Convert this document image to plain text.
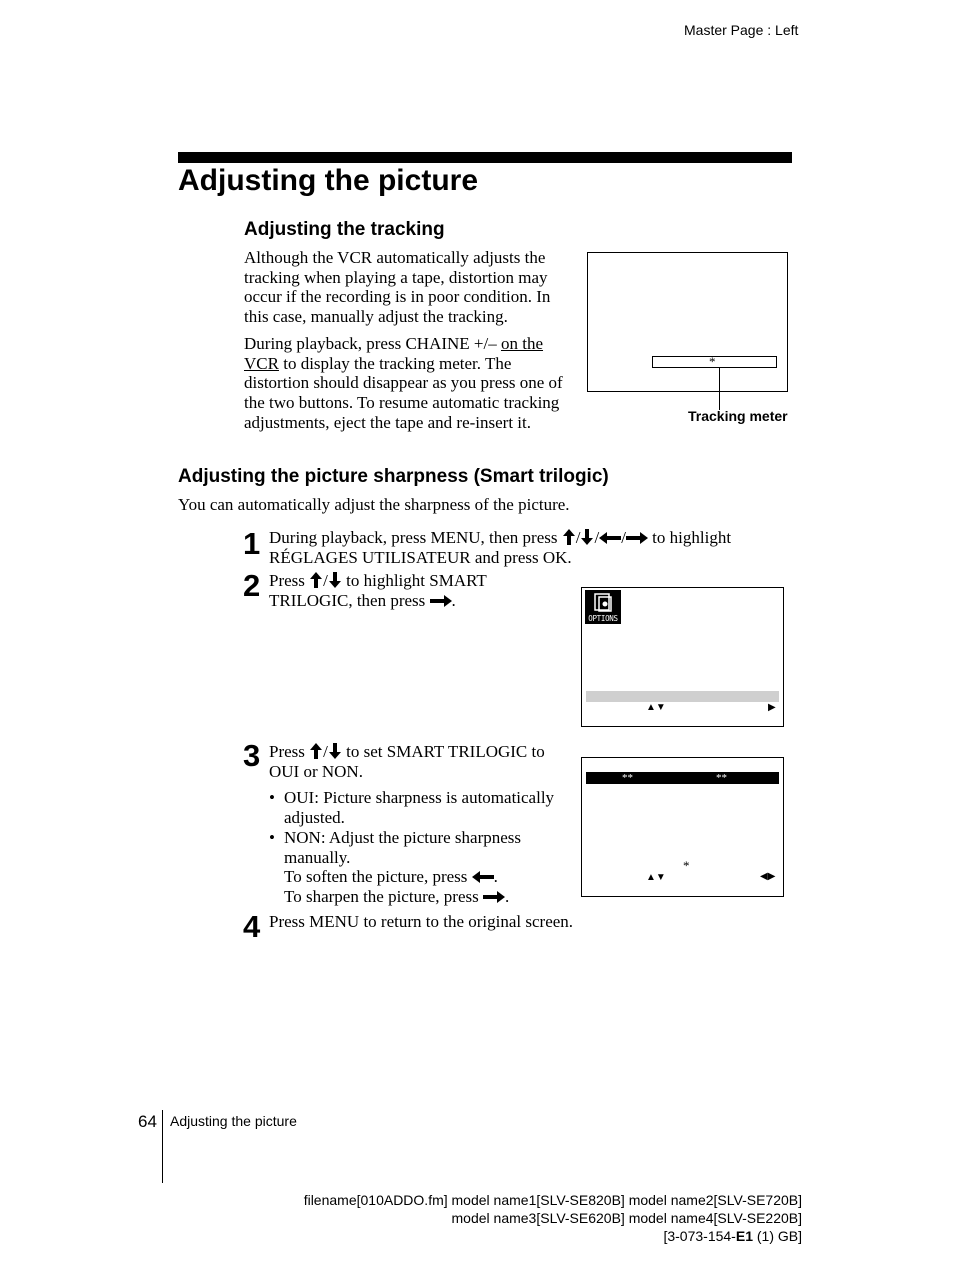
Master Page : Left
Adjusting the picture
Adjusting the tracking
Although the VCR automatically adjusts the tracking when playing a tape, distortion may occur if the recording is in poor condition. In this case, manually adjust the tracking.
During playback, press CHAINE +/– on the VCR to display the tracking meter. The distortion should disappear as you press one of the two buttons. To resume automatic tracking adjustments, eject the tape and re-insert it.
*
Tracking meter
Adjusting the picture sharpness (Smart trilogic)
You can automatically adjust the sharpness of the picture.
1 During playback, press MENU, then press / / / to highlight
RÉGLAGES UTILISATEUR and press OK.
2 Press / to highlight SMART
TRILOGIC, then press .
OPTIONS
▲▼	▶
3 Press / to set SMART TRILOGIC to
OUI or NON.
• OUI: Picture sharpness is automatically adjusted.
• NON: Adjust the picture sharpness manually.
To soften the picture, press .
To sharpen the picture, press .
**	**
*
▲▼	◀▶
4 Press MENU to return to the original screen.
64 Adjusting the picture
filename[010ADDO.fm] model name1[SLV-SE820B] model name2[SLV-SE720B]
model name3[SLV-SE620B] model name4[SLV-SE220B]
[3-073-154-E1 (1) GB]
